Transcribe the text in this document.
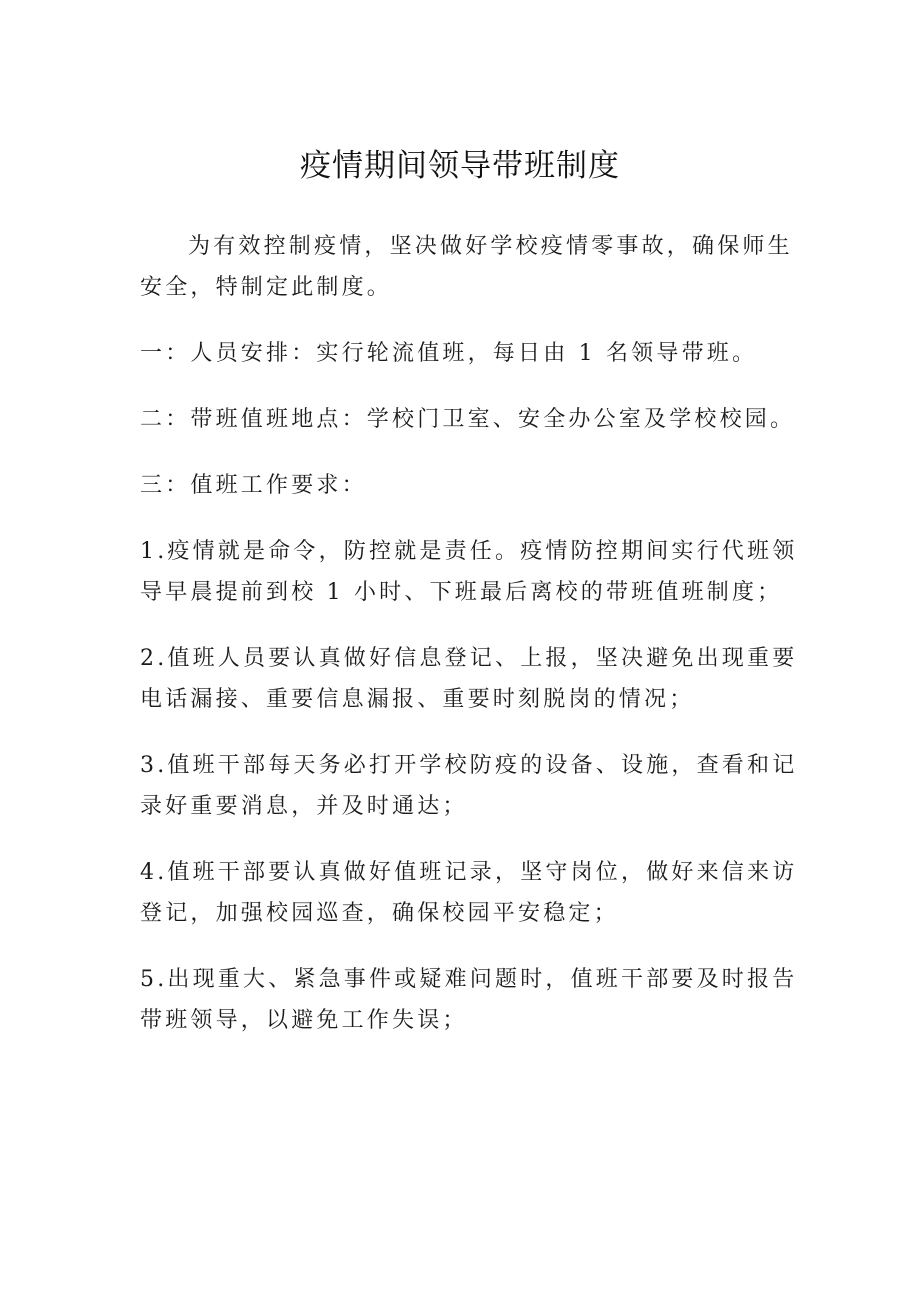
疫情期间领导带班制度

为有效控制疫情，坚决做好学校疫情零事故，确保师生
安全，特制定此制度。

一：人员安排：实行轮流值班，每日由 1 名领导带班。

二：带班值班地点：学校门卫室、安全办公室及学校校园。

三：值班工作要求：

1.疫情就是命令，防控就是责任。疫情防控期间实行代班领
导早晨提前到校 1 小时、下班最后离校的带班值班制度；

2.值班人员要认真做好信息登记、上报，坚决避免出现重要
电话漏接、重要信息漏报、重要时刻脱岗的情况；

3.值班干部每天务必打开学校防疫的设备、设施，查看和记
录好重要消息，并及时通达；

4.值班干部要认真做好值班记录，坚守岗位，做好来信来访
登记，加强校园巡查，确保校园平安稳定；

5.出现重大、紧急事件或疑难问题时，值班干部要及时报告
带班领导，以避免工作失误；
